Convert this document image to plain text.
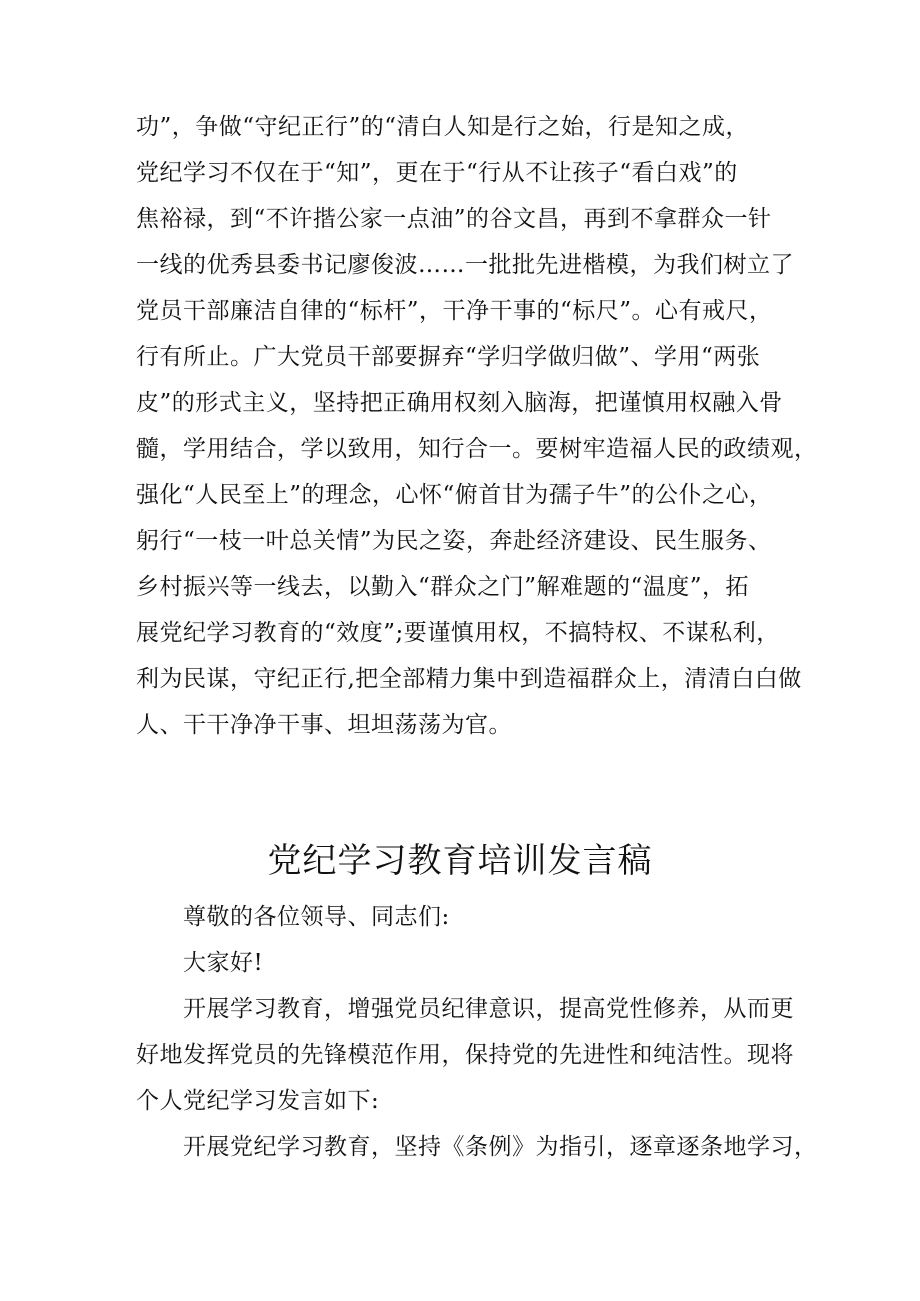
功”，争做“守纪正行”的“清白人知是行之始，行是知之成，
党纪学习不仅在于“知”，更在于“行从不让孩子“看白戏”的
焦裕禄，到“不许揩公家一点油”的谷文昌，再到不拿群众一针
一线的优秀县委书记廖俊波……一批批先进楷模，为我们树立了
党员干部廉洁自律的“标杆”，干净干事的“标尺”。心有戒尺，
行有所止。广大党员干部要摒弃“学归学做归做”、学用“两张
皮”的形式主义，坚持把正确用权刻入脑海，把谨慎用权融入骨
髓，学用结合，学以致用，知行合一。要树牢造福人民的政绩观，
强化“人民至上”的理念，心怀“俯首甘为孺子牛”的公仆之心，
躬行“一枝一叶总关情”为民之姿，奔赴经济建设、民生服务、
乡村振兴等一线去，以勤入“群众之门”解难题的“温度”，拓
展党纪学习教育的“效度”;要谨慎用权，不搞特权、不谋私利，
利为民谋，守纪正行,把全部精力集中到造福群众上，清清白白做
人、干干净净干事、坦坦荡荡为官。
党纪学习教育培训发言稿
尊敬的各位领导、同志们:
大家好!
开展学习教育，增强党员纪律意识，提高党性修养，从而更
好地发挥党员的先锋模范作用，保持党的先进性和纯洁性。现将
个人党纪学习发言如下:
开展党纪学习教育，坚持《条例》为指引，逐章逐条地学习，
